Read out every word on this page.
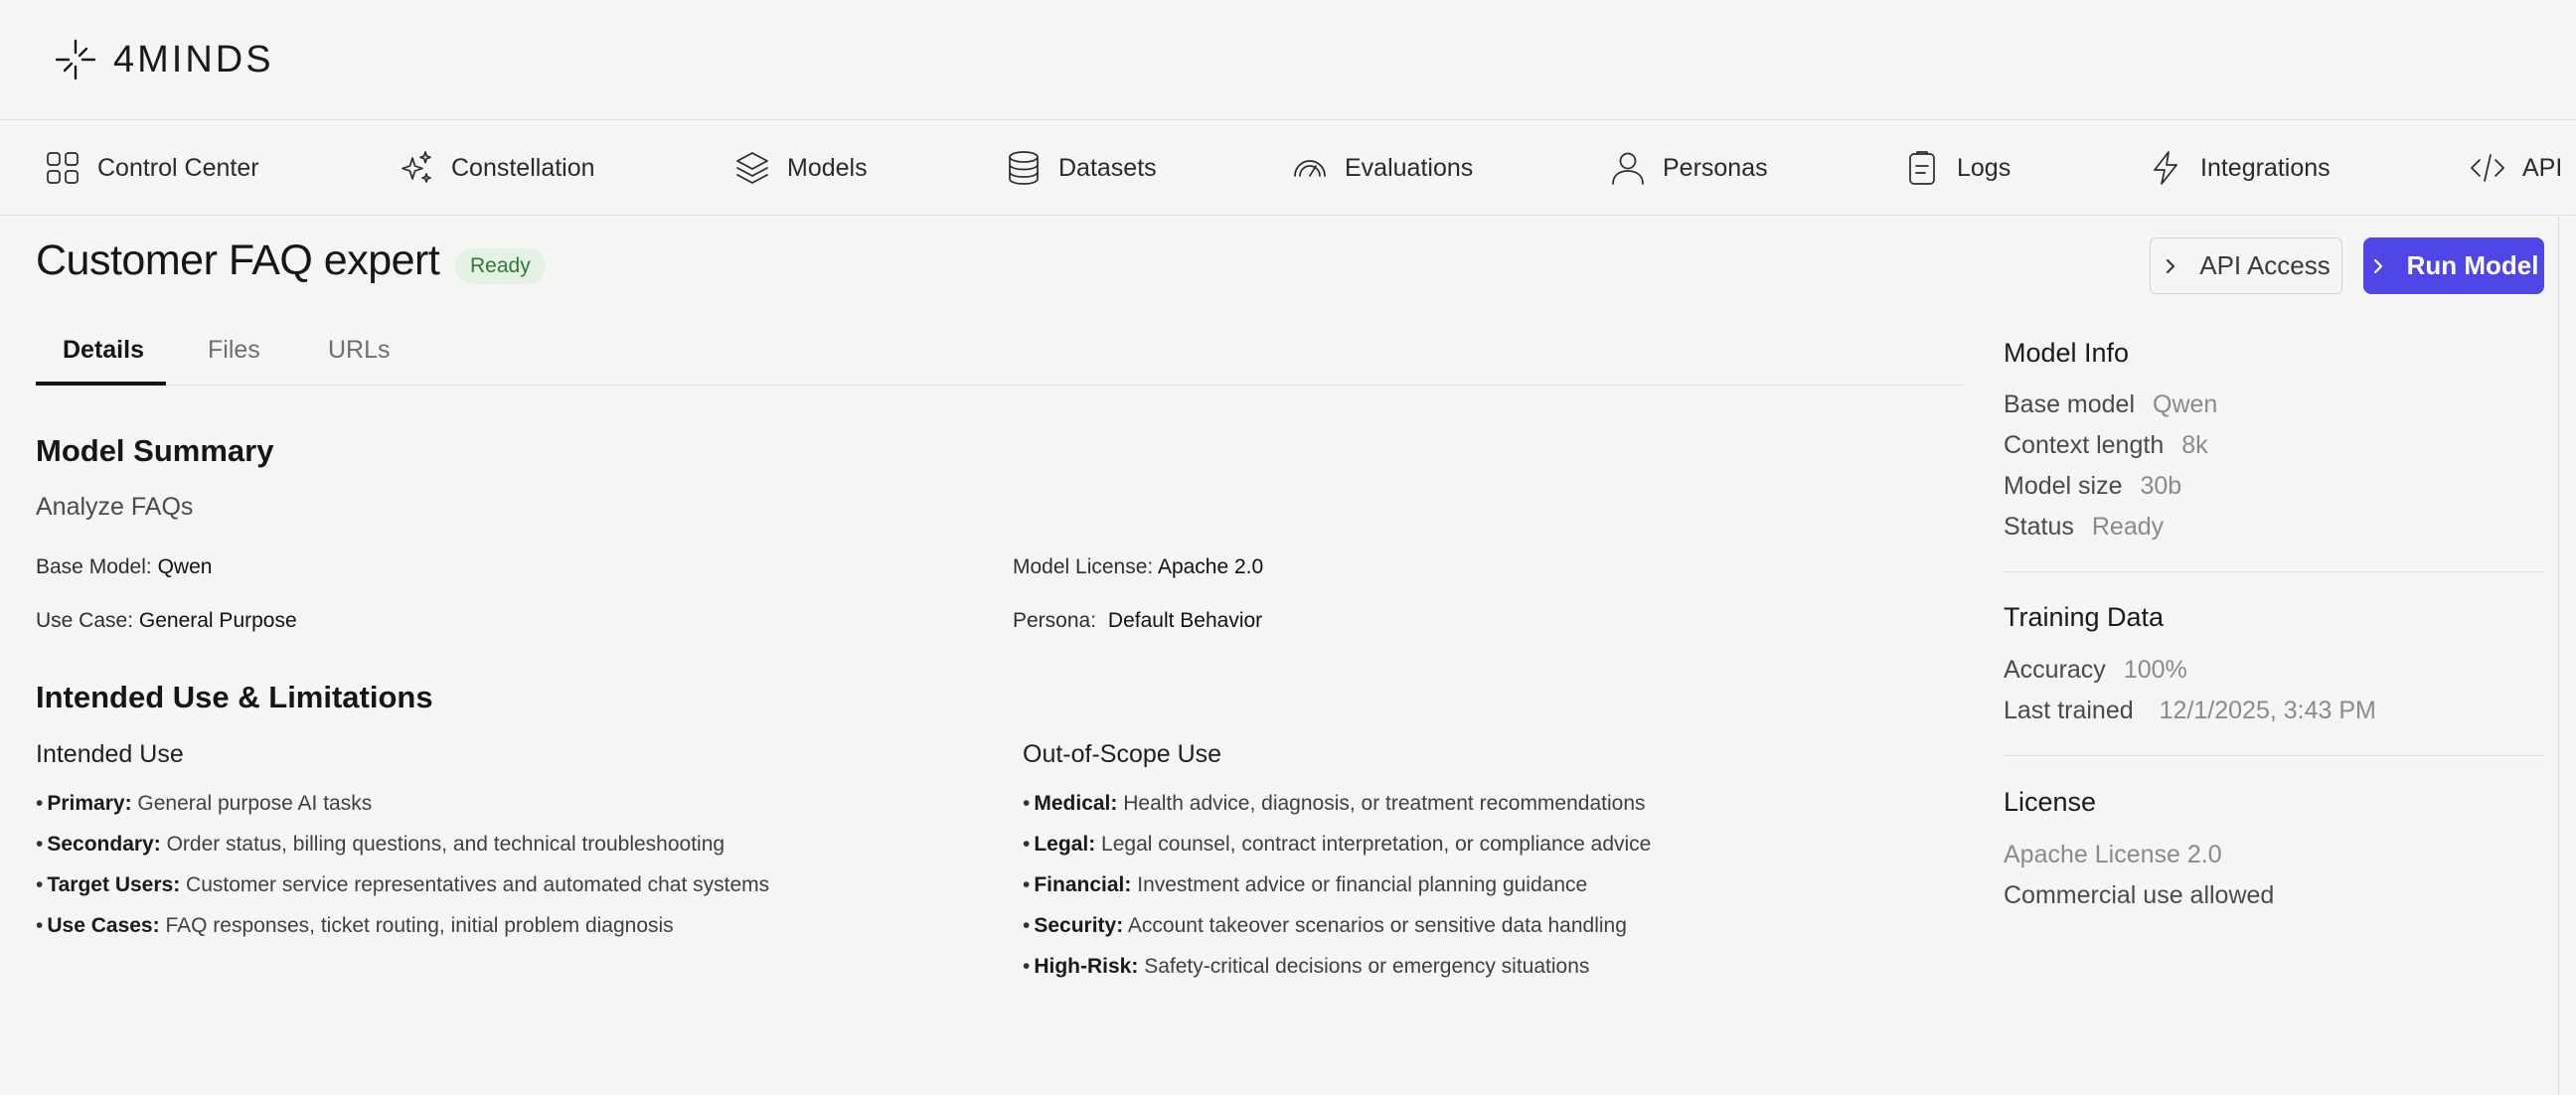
4MINDS
Control Center	Constellation	Models	Datasets	Evaluations	Personas	Logs	Integrations	API
Customer FAQ expert	Ready	API Access	Run Model
Details	Files	URLs
Model Summary

Analyze FAQs

Base Model: Qwen
Use Case: General Purpose
Model License: Apache 2.0
Persona: Default Behavior
Intended Use & Limitations
Intended Use
• Primary: General purpose AI tasks
• Secondary: Order status, billing questions, and technical troubleshooting
• Target Users: Customer service representatives and automated chat systems
• Use Cases: FAQ responses, ticket routing, initial problem diagnosis
Out-of-Scope Use
• Medical: Health advice, diagnosis, or treatment recommendations
• Legal: Legal counsel, contract interpretation, or compliance advice
• Financial: Investment advice or financial planning guidance
• Security: Account takeover scenarios or sensitive data handling
• High-Risk: Safety-critical decisions or emergency situations
Model Info
Base model Qwen
Context length 8k
Model size 30b
Status Ready
Training Data
Accuracy 100%
Last trained 12/1/2025, 3:43 PM
License
Apache License 2.0
Commercial use allowed
